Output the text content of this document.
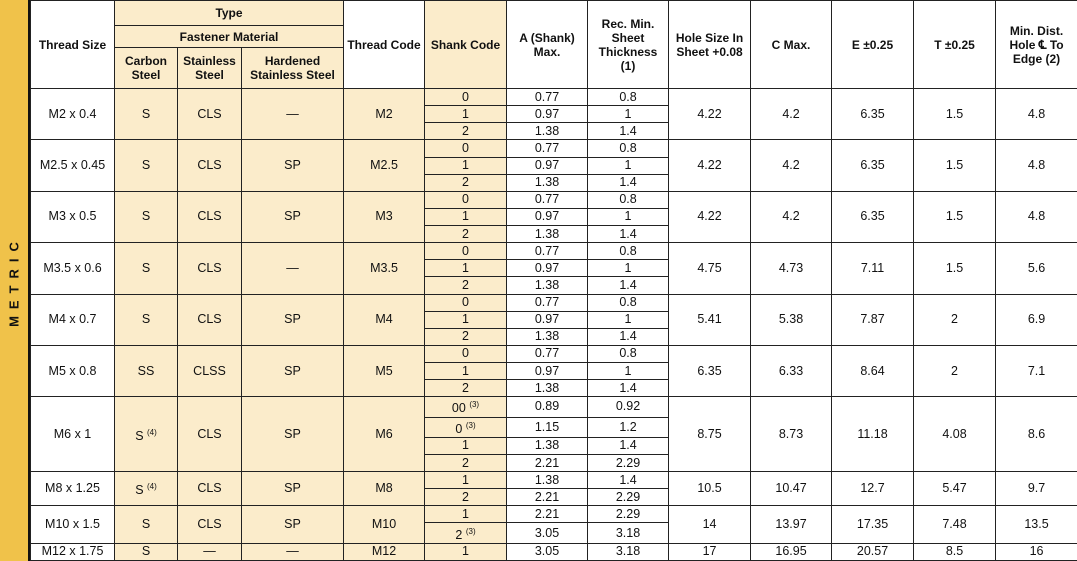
METRIC
Thread Size	Type			Thread Code	Shank Code	A (Shank) Max.	Rec. Min. Sheet Thickness (1)	Hole Size In Sheet +0.08	C Max.	E ±0.25	T ±0.25	Min. Dist. Hole ℄ To Edge (2)
	Fastener Material											
	Carbon Steel	Stainless Steel	Hardened Stainless Steel									
M2 x 0.4	S	CLS	—	M2	0	0.77	0.8	4.22	4.2	6.35	1.5	4.8
					1	0.97	1					
					2	1.38	1.4					
M2.5 x 0.45	S	CLS	SP	M2.5	0	0.77	0.8	4.22	4.2	6.35	1.5	4.8
					1	0.97	1					
					2	1.38	1.4					
M3 x 0.5	S	CLS	SP	M3	0	0.77	0.8	4.22	4.2	6.35	1.5	4.8
					1	0.97	1					
					2	1.38	1.4					
M3.5 x 0.6	S	CLS	—	M3.5	0	0.77	0.8	4.75	4.73	7.11	1.5	5.6
					1	0.97	1					
					2	1.38	1.4					
M4 x 0.7	S	CLS	SP	M4	0	0.77	0.8	5.41	5.38	7.87	2	6.9
					1	0.97	1					
					2	1.38	1.4					
M5 x 0.8	SS	CLSS	SP	M5	0	0.77	0.8	6.35	6.33	8.64	2	7.1
					1	0.97	1					
					2	1.38	1.4					
M6 x 1	S $^{(4)}$	CLS	SP	M6	00 $^{(3)}$	0.89	0.92	8.75	8.73	11.18	4.08	8.6
					0 $^{(3)}$	1.15	1.2					
					1	1.38	1.4					
					2	2.21	2.29					
M8 x 1.25	S $^{(4)}$	CLS	SP	M8	1	1.38	1.4	10.5	10.47	12.7	5.47	9.7
					2	2.21	2.29					
M10 x 1.5	S	CLS	SP	M10	1	2.21	2.29	14	13.97	17.35	7.48	13.5
					2 $^{(3)}$	3.05	3.18					
M12 x 1.75	S	—	—	M12	1	3.05	3.18	17	16.95	20.57	8.5	16
